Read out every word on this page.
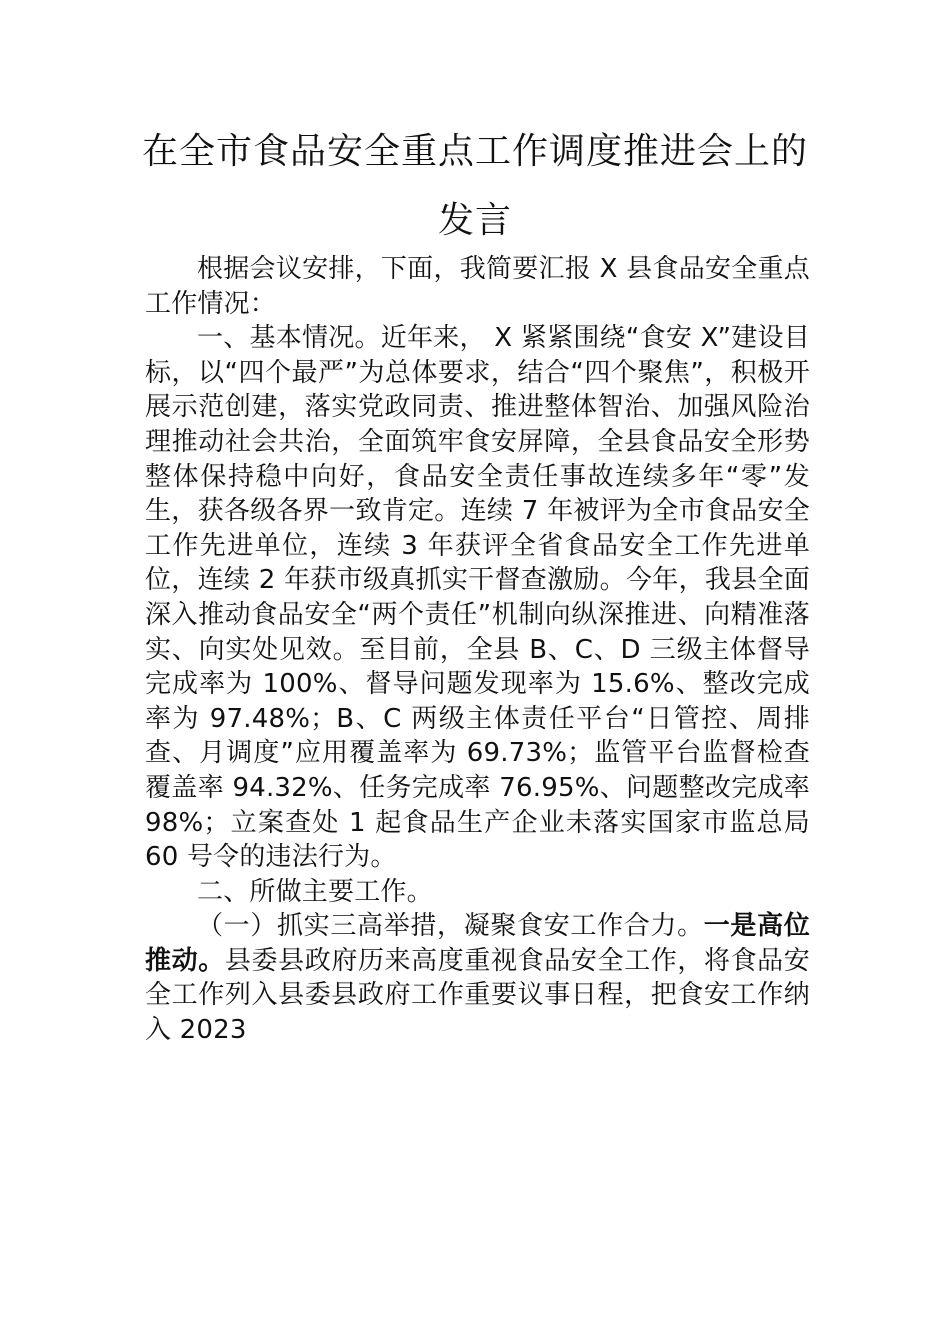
在全市食品安全重点工作调度推进会上的
发言

根据会议安排，下面，我简要汇报 X 县食品安全重点工作情况：

一、基本情况。近年来， X 紧紧围绕“食安 X”建设目标，以“四个最严”为总体要求，结合“四个聚焦”，积极开展示范创建，落实党政同责、推进整体智治、加强风险治理推动社会共治，全面筑牢食安屏障，全县食品安全形势整体保持稳中向好，食品安全责任事故连续多年“零”发生，获各级各界一致肯定。连续 7 年被评为全市食品安全工作先进单位，连续 3 年获评全省食品安全工作先进单位，连续 2 年获市级真抓实干督查激励。今年，我县全面深入推动食品安全“两个责任”机制向纵深推进、向精准落实、向实处见效。至目前，全县 B、C、D 三级主体督导完成率为 100%、督导问题发现率为 15.6%、整改完成率为 97.48%；B、C 两级主体责任平台“日管控、周排查、月调度”应用覆盖率为 69.73%；监管平台监督检查覆盖率 94.32%、任务完成率 76.95%、问题整改完成率 98%；立案查处 1 起食品生产企业未落实国家市监总局 60 号令的违法行为。

二、所做主要工作。

（一）抓实三高举措，凝聚食安工作合力。一是高位推动。县委县政府历来高度重视食品安全工作，将食品安全工作列入县委县政府工作重要议事日程，把食安工作纳入 2023
